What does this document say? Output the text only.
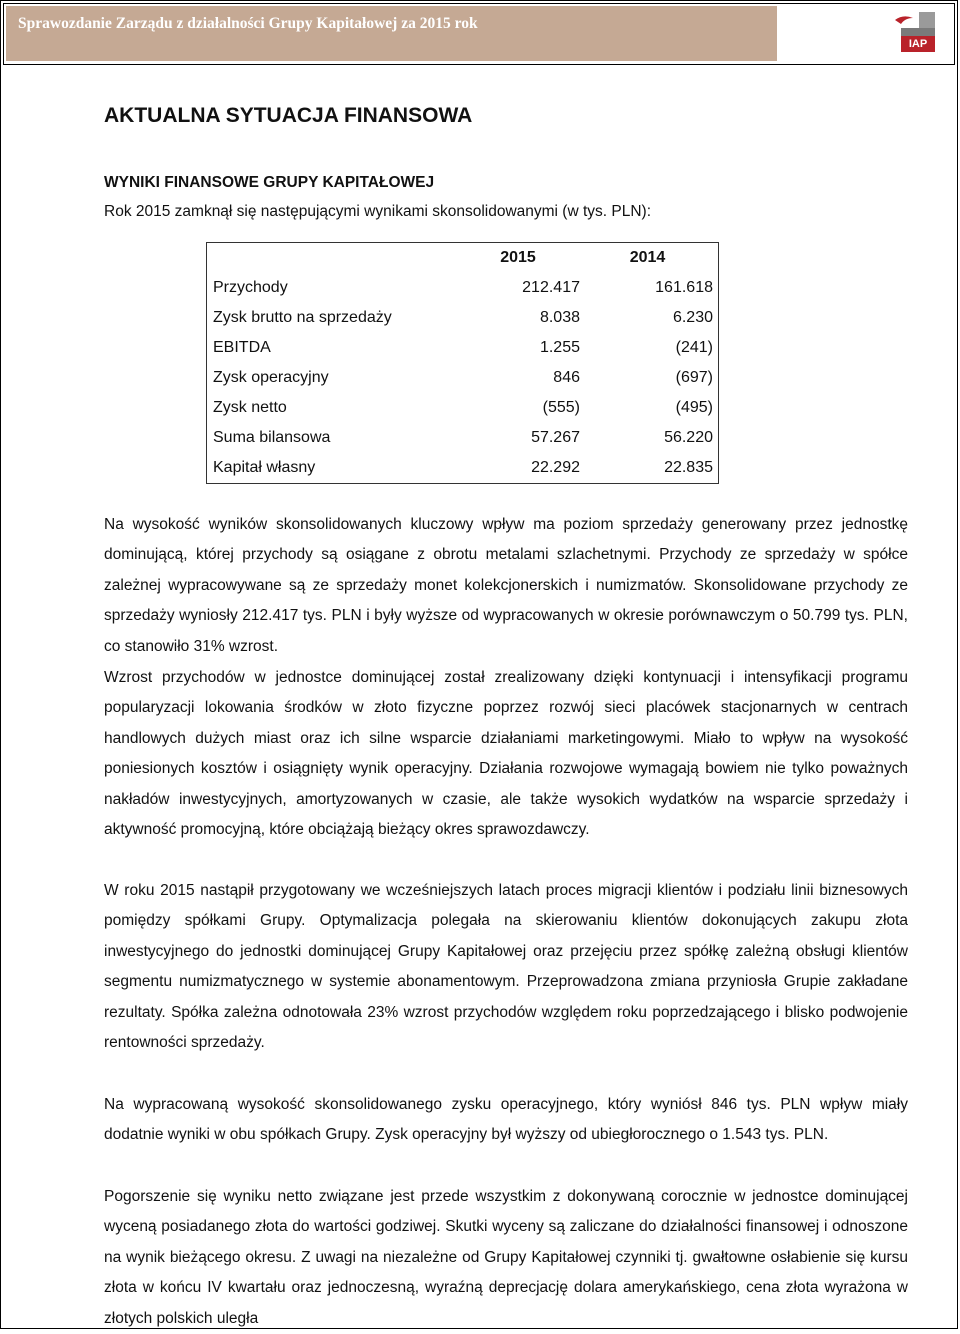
Sprawozdanie Zarządu z działalności Grupy Kapitałowej za 2015 rok
IAP
AKTUALNA SYTUACJA FINANSOWA

WYNIKI FINANSOWE GRUPY KAPITAŁOWEJ

Rok 2015 zamknął się następującymi wynikami skonsolidowanymi (w tys. PLN):

	2015	2014
Przychody	212.417	161.618
Zysk brutto na sprzedaży	8.038	6.230
EBITDA	1.255	(241)
Zysk operacyjny	846	(697)
Zysk netto	(555)	(495)
Suma bilansowa	57.267	56.220
Kapitał własny	22.292	22.835

Na wysokość wyników skonsolidowanych kluczowy wpływ ma poziom sprzedaży generowany przez jednostkę dominującą, której przychody są osiągane z obrotu metalami szlachetnymi. Przychody ze sprzedaży w spółce zależnej wypracowywane są ze sprzedaży monet kolekcjonerskich i numizmatów. Skonsolidowane przychody ze sprzedaży wyniosły 212.417 tys. PLN i były wyższe od wypracowanych w okresie porównawczym o 50.799 tys. PLN, co stanowiło 31% wzrost.

Wzrost przychodów w jednostce dominującej został zrealizowany dzięki kontynuacji i intensyfikacji programu popularyzacji lokowania środków w złoto fizyczne poprzez rozwój sieci placówek stacjonarnych w centrach handlowych dużych miast oraz ich silne wsparcie działaniami marketingowymi. Miało to wpływ na wysokość poniesionych kosztów i osiągnięty wynik operacyjny. Działania rozwojowe wymagają bowiem nie tylko poważnych nakładów inwestycyjnych, amortyzowanych w czasie, ale także wysokich wydatków na wsparcie sprzedaży i aktywność promocyjną, które obciążają bieżący okres sprawozdawczy.

W roku 2015 nastąpił przygotowany we wcześniejszych latach proces migracji klientów i podziału linii biznesowych pomiędzy spółkami Grupy. Optymalizacja polegała na skierowaniu klientów dokonujących zakupu złota inwestycyjnego do jednostki dominującej Grupy Kapitałowej oraz przejęciu przez spółkę zależną obsługi klientów segmentu numizmatycznego w systemie abonamentowym. Przeprowadzona zmiana przyniosła Grupie zakładane rezultaty. Spółka zależna odnotowała 23% wzrost przychodów względem roku poprzedzającego i blisko podwojenie rentowności sprzedaży.

Na wypracowaną wysokość skonsolidowanego zysku operacyjnego, który wyniósł 846 tys. PLN wpływ miały dodatnie wyniki w obu spółkach Grupy. Zysk operacyjny był wyższy od ubiegłorocznego o 1.543 tys. PLN.

Pogorszenie się wyniku netto związane jest przede wszystkim z dokonywaną corocznie w jednostce dominującej wyceną posiadanego złota do wartości godziwej. Skutki wyceny są zaliczane do działalności finansowej i odnoszone na wynik bieżącego okresu. Z uwagi na niezależne od Grupy Kapitałowej czynniki tj. gwałtowne osłabienie się kursu złota w końcu IV kwartału oraz jednoczesną, wyraźną deprecjację dolara amerykańskiego, cena złota wyrażona w złotych polskich uległa
